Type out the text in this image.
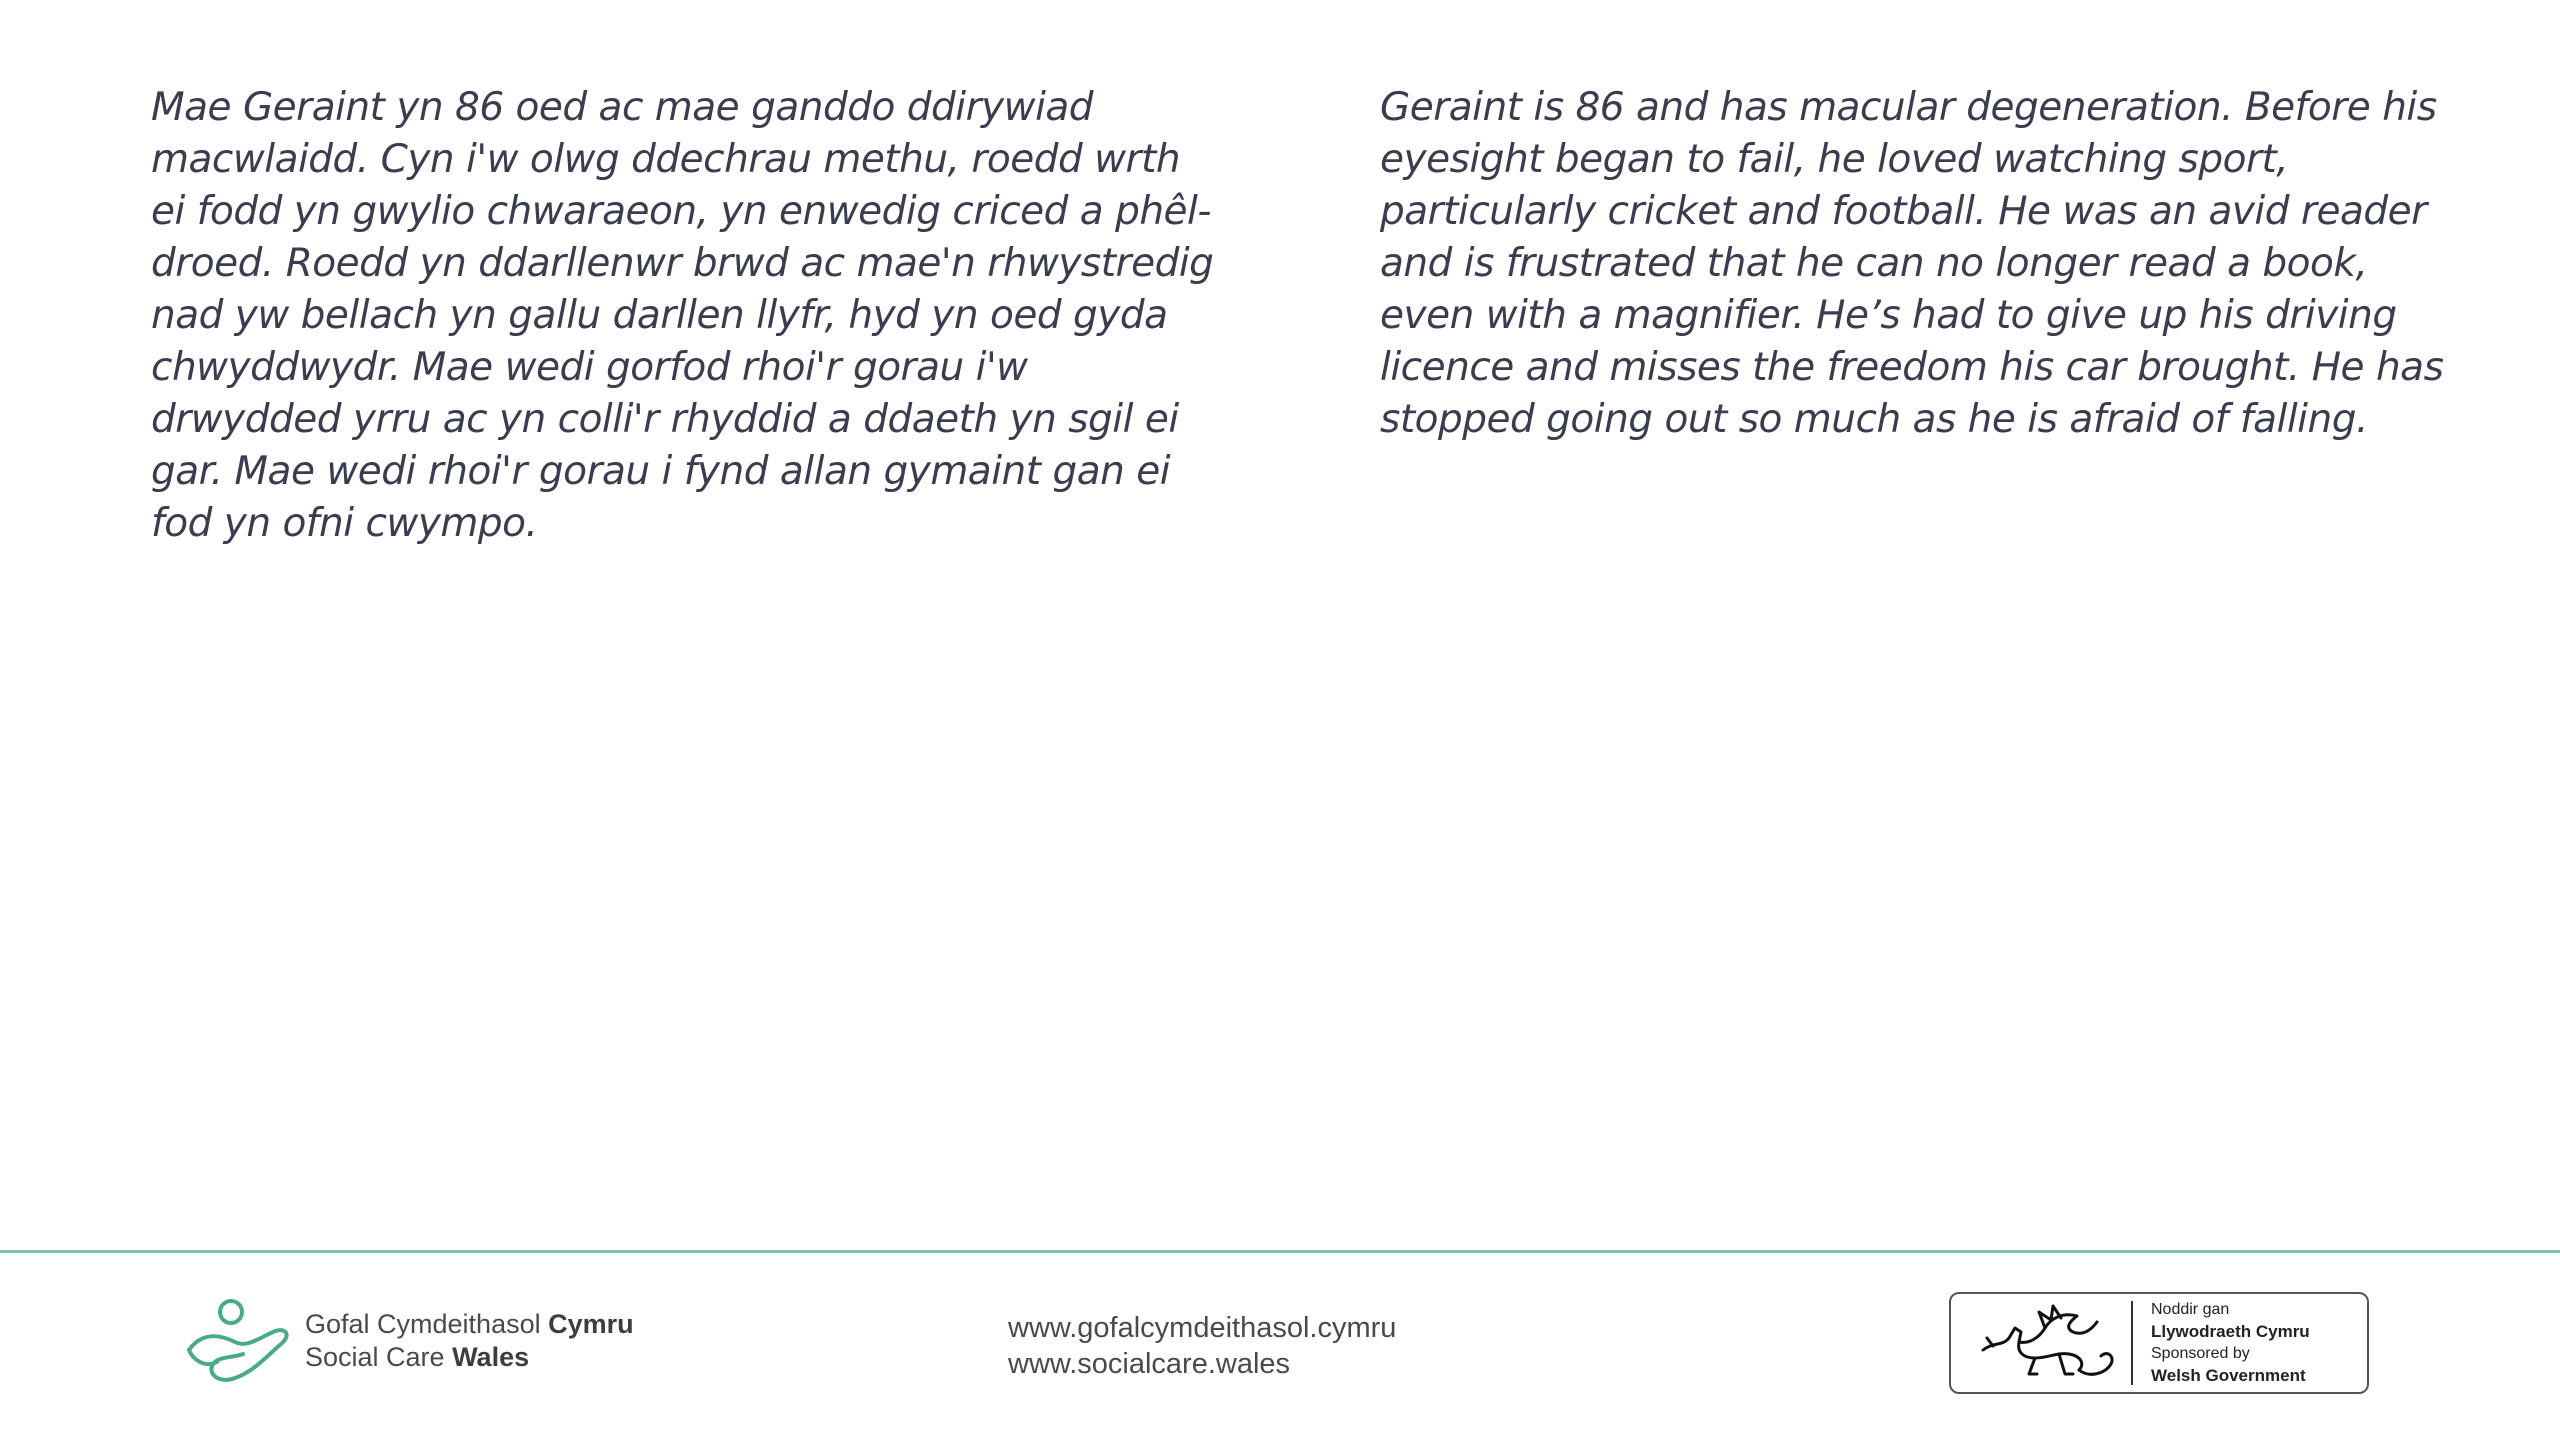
Mae Geraint yn 86 oed ac mae ganddo ddirywiad macwlaidd. Cyn i'w olwg ddechrau methu, roedd wrth ei fodd yn gwylio chwaraeon, yn enwedig criced a phêl-droed. Roedd yn ddarllenwr brwd ac mae'n rhwystredig nad yw bellach yn gallu darllen llyfr, hyd yn oed gyda chwyddwydr. Mae wedi gorfod rhoi'r gorau i'w drwydded yrru ac yn colli'r rhyddid a ddaeth yn sgil ei gar. Mae wedi rhoi'r gorau i fynd allan gymaint gan ei fod yn ofni cwympo.

Geraint is 86 and has macular degeneration. Before his eyesight began to fail, he loved watching sport, particularly cricket and football. He was an avid reader and is frustrated that he can no longer read a book, even with a magnifier. He’s had to give up his driving licence and misses the freedom his car brought. He has stopped going out so much as he is afraid of falling.

Gofal Cymdeithasol Cymru
Social Care Wales
www.gofalcymdeithasol.cymru
www.socialcare.wales
Noddir gan
Llywodraeth Cymru
Sponsored by
Welsh Government
